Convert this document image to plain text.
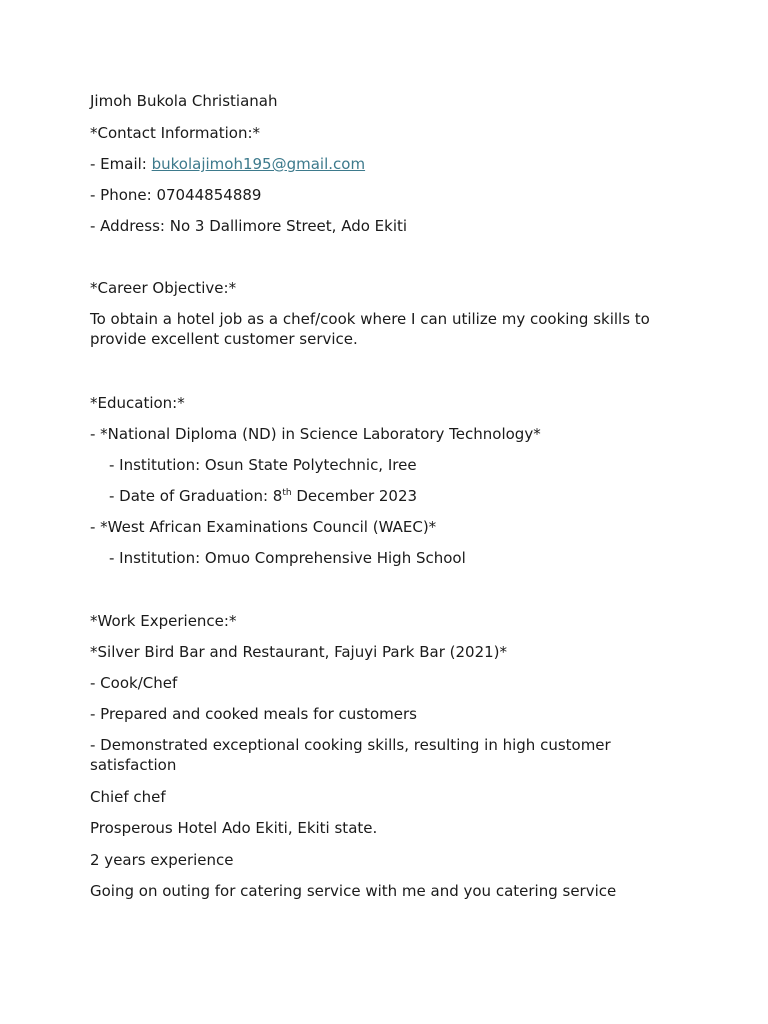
Jimoh Bukola Christianah
*Contact Information:*
- Email: bukolajimoh195@gmail.com
- Phone: 07044854889
- Address: No 3 Dallimore Street, Ado Ekiti
*Career Objective:*
To obtain a hotel job as a chef/cook where I can utilize my cooking skills to provide excellent customer service.
*Education:*
- *National Diploma (ND) in Science Laboratory Technology*
- Institution: Osun State Polytechnic, Iree
- Date of Graduation: 8th December 2023
- *West African Examinations Council (WAEC)*
- Institution: Omuo Comprehensive High School
*Work Experience:*
*Silver Bird Bar and Restaurant, Fajuyi Park Bar (2021)*
- Cook/Chef
- Prepared and cooked meals for customers
- Demonstrated exceptional cooking skills, resulting in high customer satisfaction
Chief chef
Prosperous Hotel Ado Ekiti, Ekiti state.
2 years experience
Going on outing for catering service with me and you catering service
